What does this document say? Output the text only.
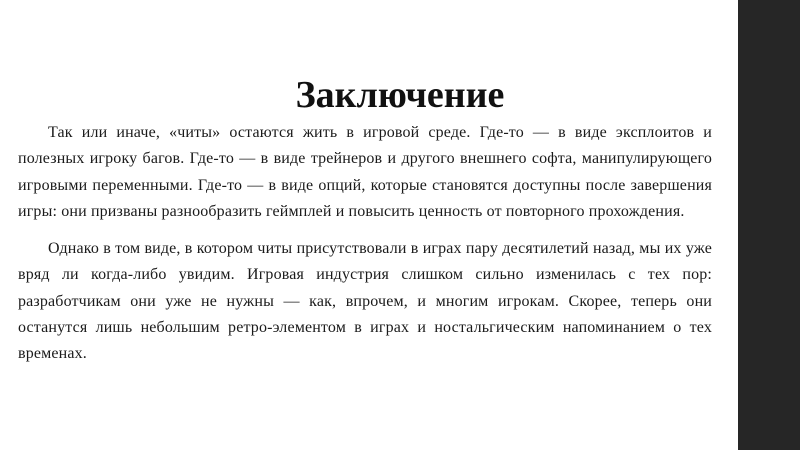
Заключение

Так или иначе, «читы» остаются жить в игровой среде. Где-то — в виде эксплоитов и полезных игроку багов. Где-то — в виде трейнеров и другого внешнего софта, манипулирующего игровыми переменными. Где-то — в виде опций, которые становятся доступны после завершения игры: они призваны разнообразить геймплей и повысить ценность от повторного прохождения.

Однако в том виде, в котором читы присутствовали в играх пару десятилетий назад, мы их уже вряд ли когда-либо увидим. Игровая индустрия слишком сильно изменилась с тех пор: разработчикам они уже не нужны — как, впрочем, и многим игрокам. Скорее, теперь они останутся лишь небольшим ретро-элементом в играх и ностальгическим напоминанием о тех временах.
